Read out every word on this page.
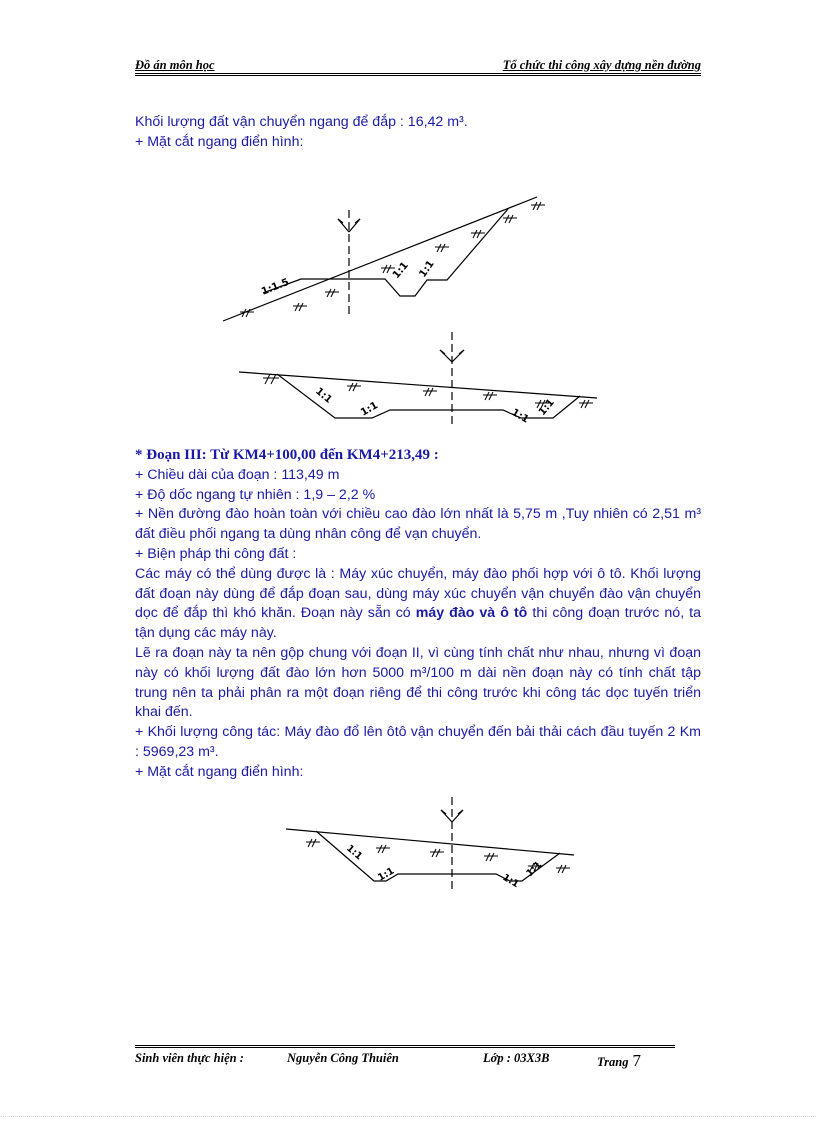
Đồ án môn học	Tổ chức thi công xây dựng nền đường

Khối lượng đất vận chuyển ngang để đắp : 16,42 m³.

+ Mặt cắt ngang điển hình:

1:1.5
1:1 1:1
1:1
1:1	1:1 1:1

* Đoạn III: Từ KM4+100,00 đến KM4+213,49 :

+ Chiều dài của đoạn : 113,49 m

+ Độ dốc ngang tự nhiên : 1,9 – 2,2 %

+ Nền đường đào hoàn toàn với chiều cao đào lớn nhất là 5,75 m ,Tuy nhiên có 2,51 m³ đất điều phối ngang ta dùng nhân công để vạn chuyển.

+ Biện pháp thi công đất :

Các máy có thể dùng được là : Máy xúc chuyển, máy đào phối hợp với ô tô. Khối lượng đất đoạn này dùng để đắp đoạn sau, dùng máy xúc chuyển vận chuyển đào vận chuyển dọc để đắp thì khó khăn. Đoạn này sẵn có máy đào và ô tô thi công đoạn trước nó, ta tận dụng các máy này.

Lẽ ra đoạn này ta nên gộp chung với đoạn II, vì cùng tính chất như nhau, nhưng vì đoạn này có khối lượng đất đào lớn hơn 5000 m³/100 m dài nền đoạn này có tính chất tập trung nên ta phải phân ra một đoạn riêng để thi công trước khi công tác dọc tuyến triển khai đến.

+ Khối lượng công tác: Máy đào đổ lên ôtô vận chuyển đến bải thải cách đầu tuyến 2 Km : 5969,23 m³.

+ Mặt cắt ngang điển hình:

1:1
1:1	1:1
1:1
Sinh viên thực hiện :	Nguyễn Công Thuiên	Lớp : 03X3B	Trang 7
